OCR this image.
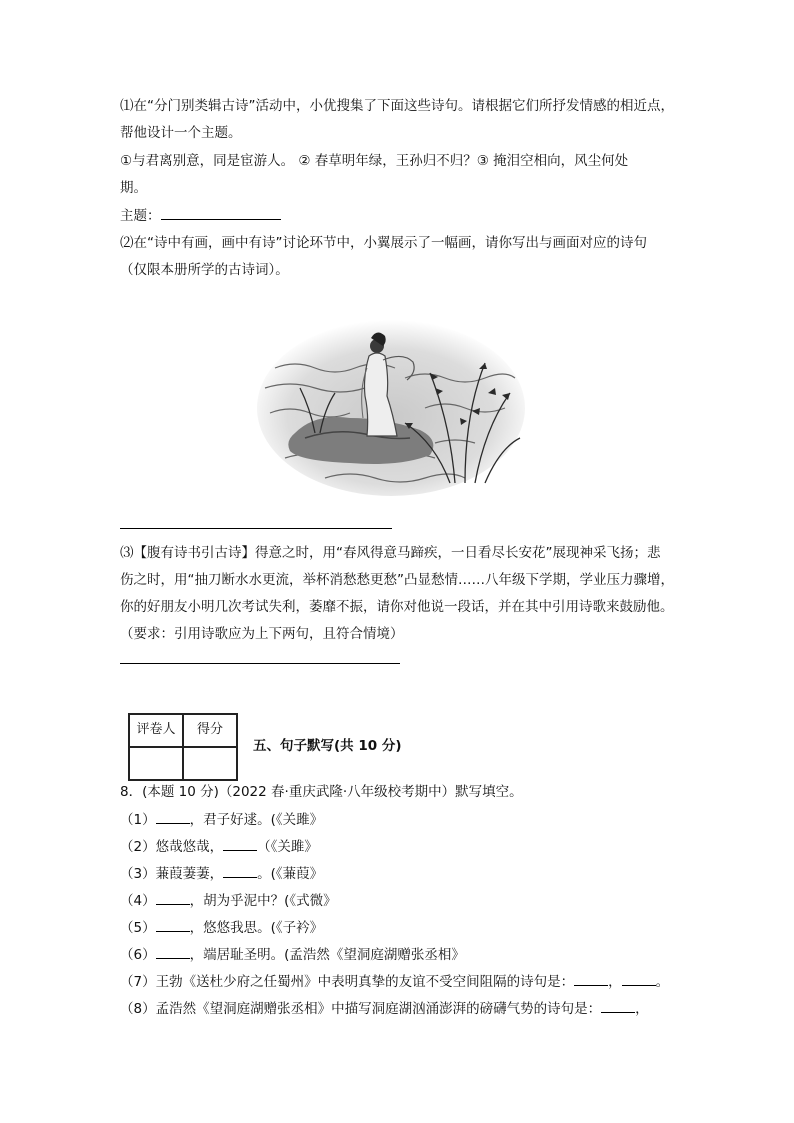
⑴在“分门别类辑古诗”活动中，小优搜集了下面这些诗句。请根据它们所抒发情感的相近点，
帮他设计一个主题。
①与君离别意，同是宦游人。 ② 春草明年绿，王孙归不归？③ 掩泪空相向，风尘何处
期。
主题：
⑵在“诗中有画，画中有诗”讨论环节中，小翼展示了一幅画，请你写出与画面对应的诗句
（仅限本册所学的古诗词）。
⑶【腹有诗书引古诗】得意之时，用“春风得意马蹄疾，一日看尽长安花”展现神采飞扬；悲
伤之时，用“抽刀断水水更流，举杯消愁愁更愁”凸显愁情……八年级下学期，学业压力骤增，
你的好朋友小明几次考试失利，萎靡不振，请你对他说一段话，并在其中引用诗歌来鼓励他。
（要求：引用诗歌应为上下两句，且符合情境）
评卷人	得分

五、句子默写(共 10 分)
8．(本题 10 分)（2022 春·重庆武隆·八年级校考期中）默写填空。
（1）	，君子好逑。(《关雎》
（2）悠哉悠哉，	（《关雎》
（3）蒹葭萋萋，	。(《蒹葭》
（4）	，胡为乎泥中？(《式微》
（5）	，悠悠我思。(《子衿》
（6）	，端居耻圣明。(孟浩然《望洞庭湖赠张丞相》
（7）王勃《送杜少府之任蜀州》中表明真挚的友谊不受空间阻隔的诗句是：	，	。
（8）孟浩然《望洞庭湖赠张丞相》中描写洞庭湖汹涌澎湃的磅礴气势的诗句是：	，
